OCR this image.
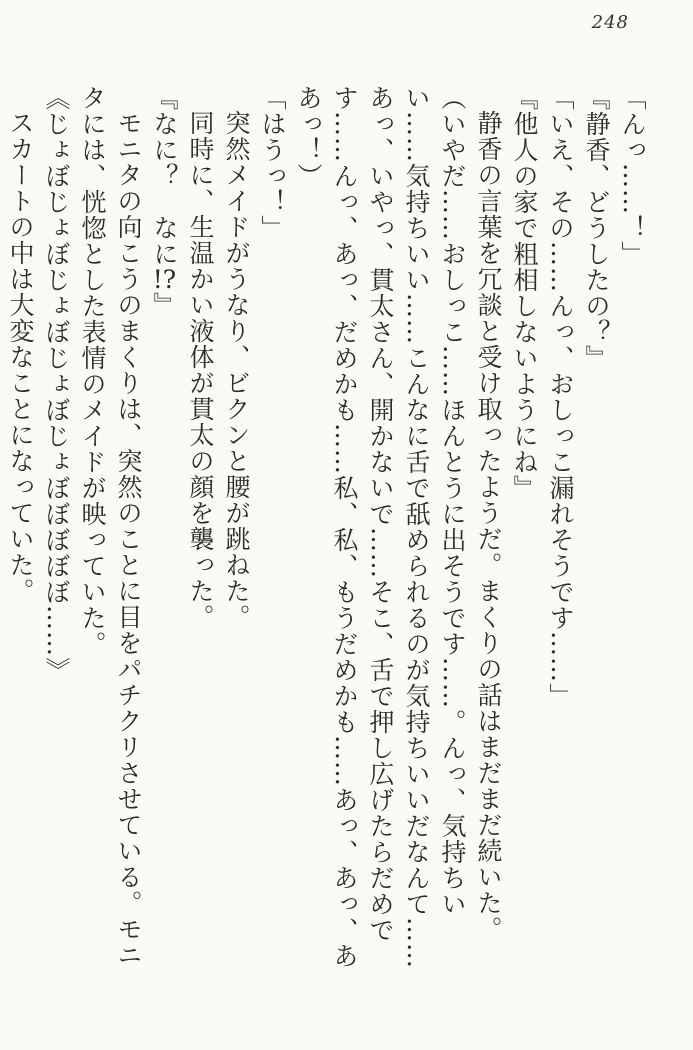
248

「んっ……！」

『静香、どうしたの？』

「いえ、その……んっ、おしっこ漏れそうです……」

『他人の家で粗相しないようにね』

静香の言葉を冗談と受け取ったようだ。まくりの話はまだまだ続いた。

（いやだ……おしっこ……ほんとうに出そうです……。んっ、気持ちいい……気持ちいい……こんなに舌で舐められるのが気持ちいいだなんて……あっ、いやっ、貫太さん、開かないで……そこ、舌で押し広げたらだめです……んっ、あっ、だめかも……私、私、もうだめかも……あっ、あっ、ああっ！）

「はうっ！」

突然メイドがうなり、ビクンと腰が跳ねた。

同時に、生温かい液体が貫太の顔を襲った。

『なに？　なに!?』

モニタの向こうのまくりは、突然のことに目をパチクリさせている。モニタには、恍惚とした表情のメイドが映っていた。

《じょぼじょぼじょぼじょぼじょぼぼぼぼぼ……》

スカートの中は大変なことになっていた。
